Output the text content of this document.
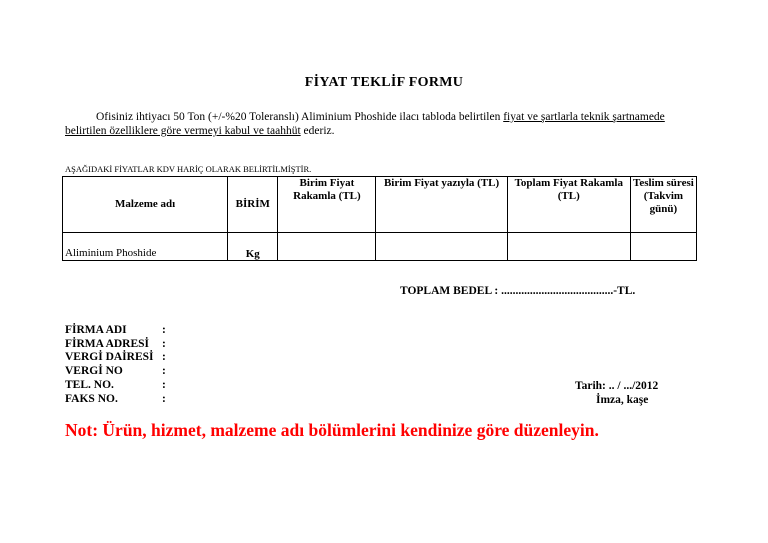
FİYAT TEKLİF FORMU
Ofisiniz ihtiyacı 50 Ton (+/-%20 Toleranslı) Aliminium Phoshide ilacı tabloda belirtilen fiyat ve şartlarla teknik şartnamede belirtilen özelliklere göre vermeyi kabul ve taahhüt ederiz.
AŞAĞIDAKİ FİYATLAR KDV HARİÇ OLARAK BELİRTİLMİŞTİR.
Malzeme adı	BİRİM	Birim Fiyat Rakamla (TL)	Birim Fiyat yazıyla (TL)	Toplam Fiyat Rakamla (TL)	Teslim süresi (Takvim günü)
Aliminium Phoshide	Kg				
TOPLAM BEDEL : .......................................-TL.
FİRMA ADI	:
FİRMA ADRESİ	:
VERGİ DAİRESİ :
VERGİ NO	:
TEL. NO.	:
FAKS NO.	:
Tarih: .. / .../2012
İmza, kaşe
Not: Ürün, hizmet, malzeme adı bölümlerini kendinize göre düzenleyin.
